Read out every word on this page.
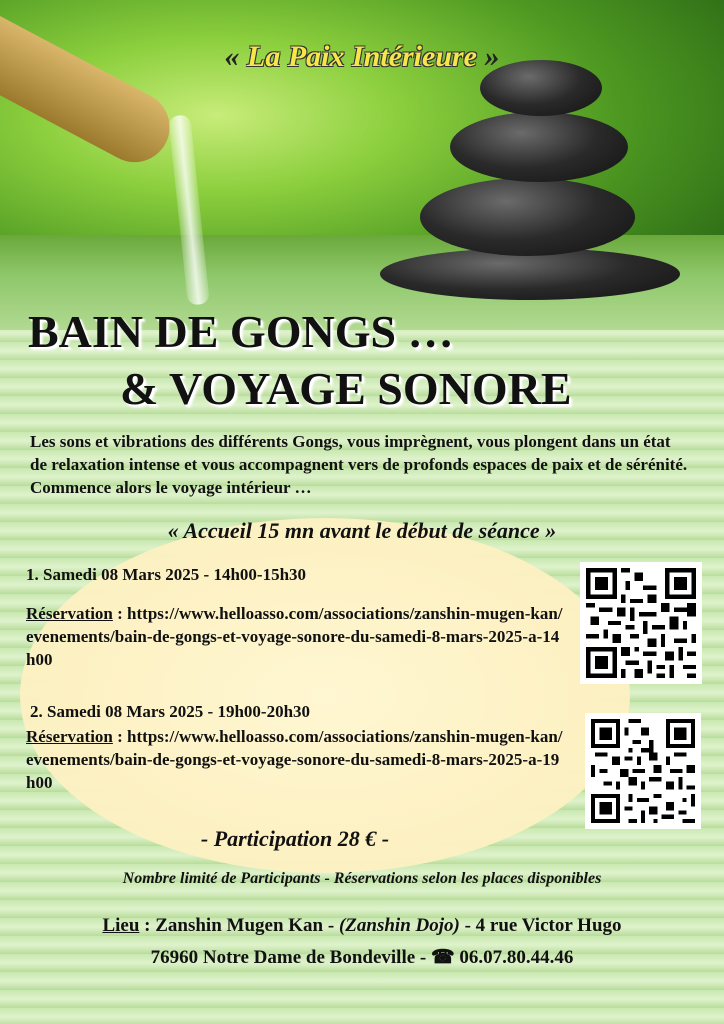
« La Paix Intérieure »

BAIN DE GONGS …

& VOYAGE SONORE

Les sons et vibrations des différents Gongs, vous imprègnent, vous plongent dans un état de relaxation intense et vous accompagnent vers de profonds espaces de paix et de sérénité. Commence alors le voyage intérieur …

« Accueil 15 mn avant le début de séance »

1. Samedi 08 Mars 2025 - 14h00-15h30

Réservation : https://www.helloasso.com/associations/zanshin-mugen-kan/evenements/bain-de-gongs-et-voyage-sonore-du-samedi-8-mars-2025-a-14h00

2. Samedi 08 Mars 2025 - 19h00-20h30

Réservation : https://www.helloasso.com/associations/zanshin-mugen-kan/evenements/bain-de-gongs-et-voyage-sonore-du-samedi-8-mars-2025-a-19h00

- Participation 28 € -

Nombre limité de Participants - Réservations selon les places disponibles

Lieu : Zanshin Mugen Kan - (Zanshin Dojo) - 4 rue Victor Hugo
76960 Notre Dame de Bondeville - ☎ 06.07.80.44.46
